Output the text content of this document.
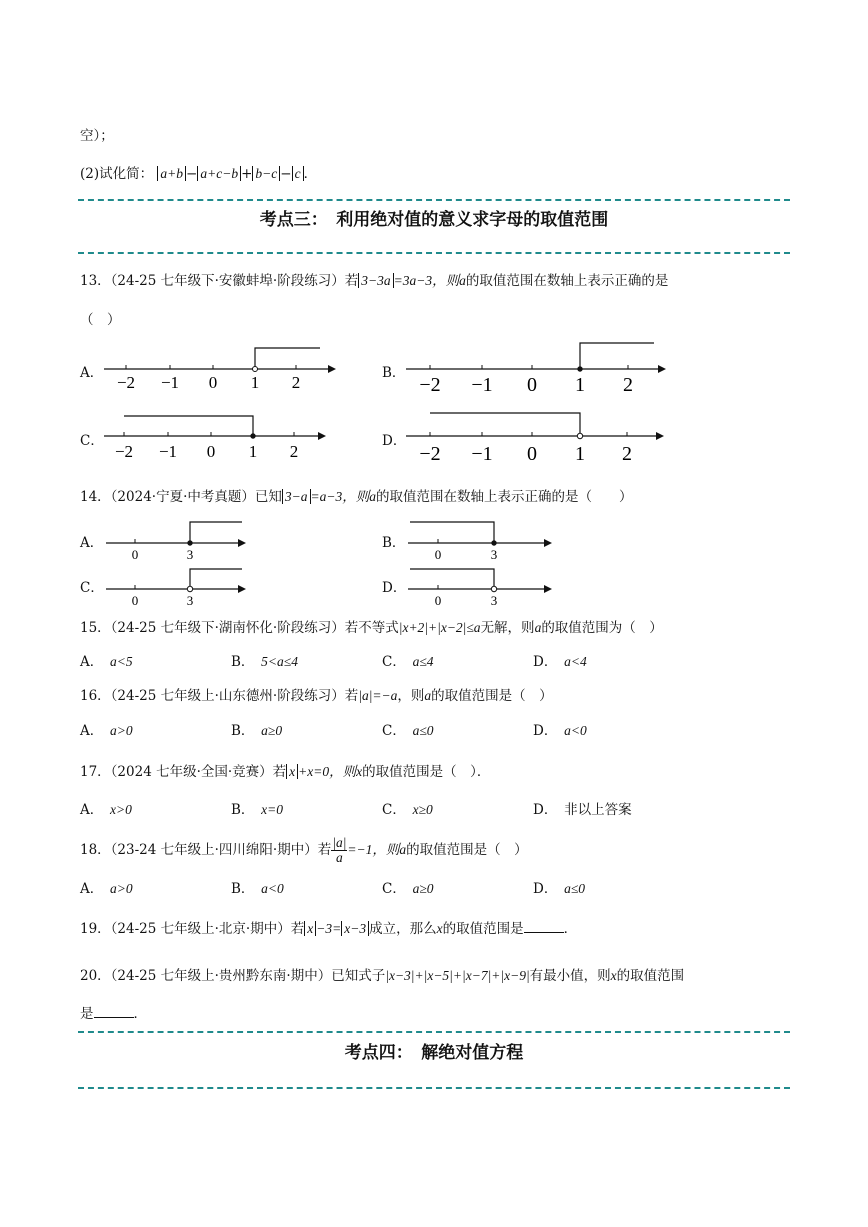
空）；
(2)试化简： a+b − a+c−b + b−c − c ．
考点三：　利用绝对值的意义求字母的取值范围
13．（24-25 七年级下·安徽蚌埠·阶段练习）若 3−3a =3a−3，则a的取值范围在数轴上表示正确的是
（　）
A．	B．
C．	D．
−2 −1 0 1 2	−2 −1 0 1 2
−2 −1 0 1 2	−2 −1 0 1 2
14．（2024·宁夏·中考真题）已知 3−a =a−3，则a的取值范围在数轴上表示正确的是（　　）
A．	B．
C．	D．
0	3	0	3
0	3	0	3
15．（24-25 七年级下·湖南怀化·阶段练习）若不等式|x+2|+|x−2|≤a无解，则a的取值范围为（　）
A．  a<5	B．  5<a≤4	C．  a≤4	D．  a<4
16．（24-25 七年级上·山东德州·阶段练习）若|a|=−a，则a的取值范围是（　）
A．  a>0	B．  a≥0	C．  a≤0	D．  a<0
17．（2024 七年级·全国·竞赛）若 x +x=0，则x的取值范围是（　）．
A．  x>0	B．  x=0	C．  x≥0	D．  非以上答案
18．（23-24 七年级上·四川绵阳·期中）若 $\frac{|a|}{a} =-1$，则a的取值范围是（　）
A．  a>0	B．  a<0	C．  a≥0	D．  a≤0
19．（24-25 七年级上·北京·期中）若 x −3= x−3 成立，那么x的取值范围是	．
20．（24-25 七年级上·贵州黔东南·期中）已知式子|x−3|+|x−5|+|x−7|+|x−9|有最小值，则x的取值范围
是	．
考点四：　解绝对值方程
